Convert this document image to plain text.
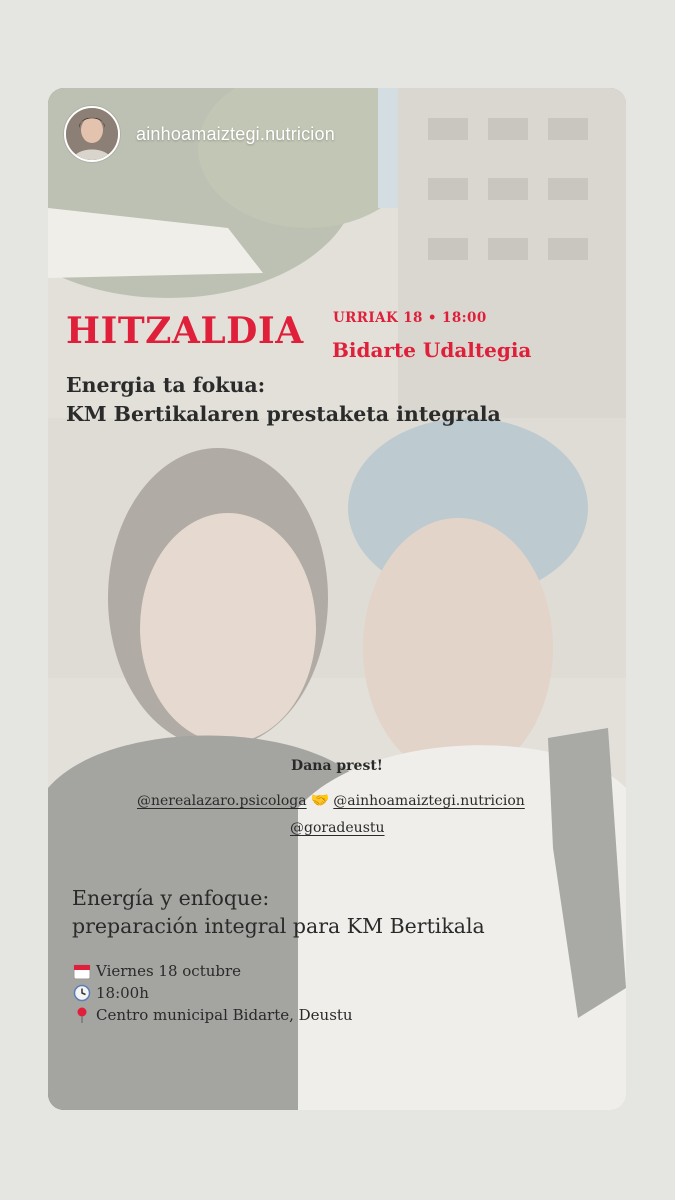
ainhoamaiztegi.nutricion
HITZALDIA URRIAK 18 • 18:00
Bidarte Udaltegia
Energia ta fokua:
KM Bertikalaren prestaketa integrala
Dana prest!
@nerealazaro.psicologa 🤝 @ainhoamaiztegi.nutricion
@goradeustu
Energía y enfoque:
preparación integral para KM Bertikala
Viernes 18 octubre
18:00h
Centro municipal Bidarte, Deustu
